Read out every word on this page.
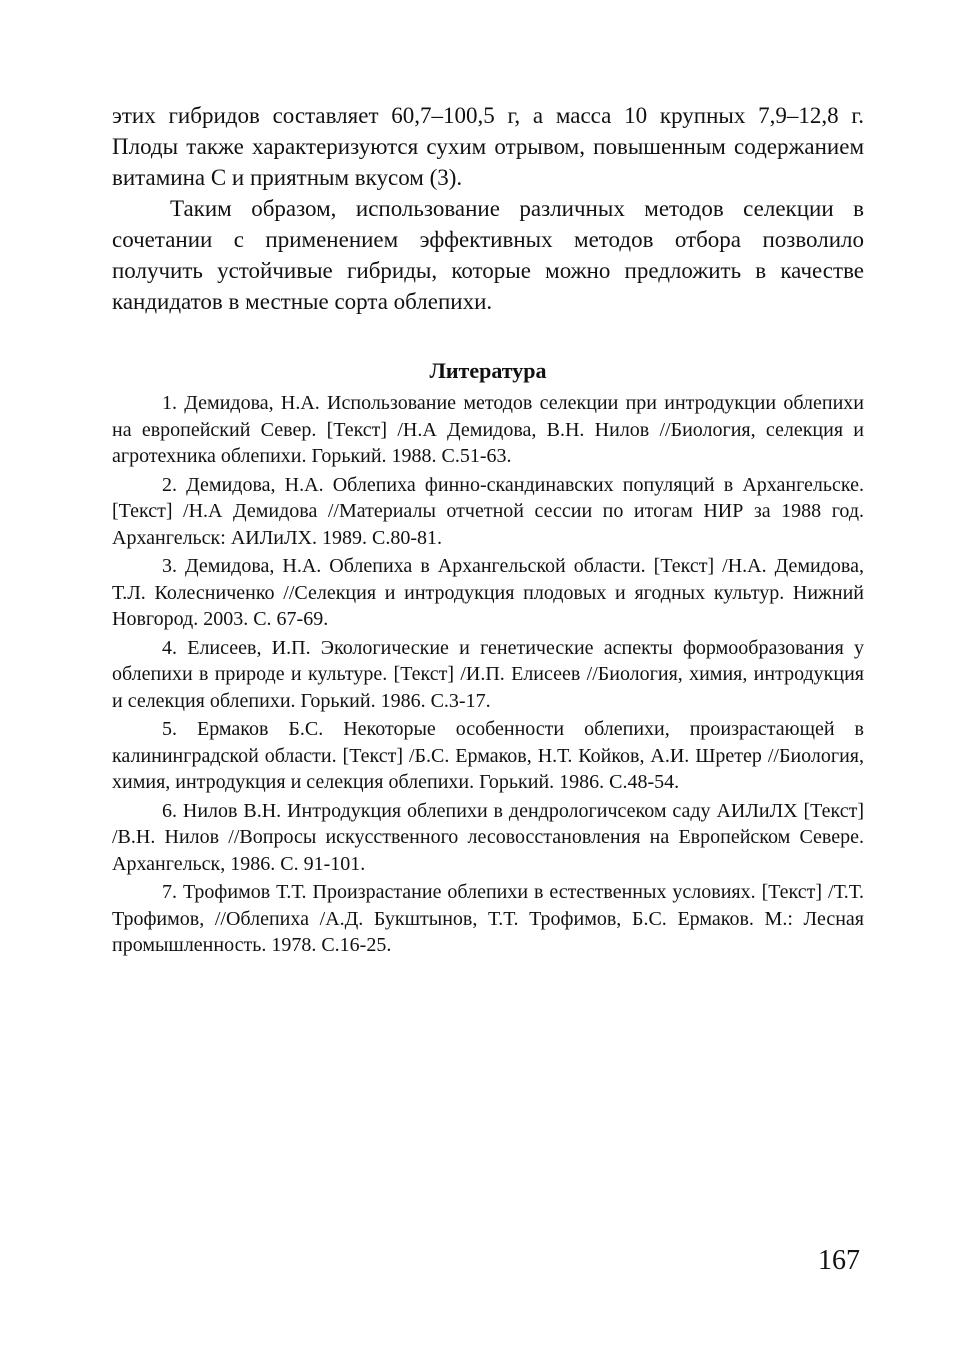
этих гибридов составляет 60,7–100,5 г, а масса 10 крупных 7,9–12,8 г. Плоды также характеризуются сухим отрывом, повышенным содержанием витамина С и приятным вкусом (3).

Таким образом, использование различных методов селекции в сочетании с применением эффективных методов отбора позволило получить устойчивые гибриды, которые можно предложить в качестве кандидатов в местные сорта облепихи.

Литература
1. Демидова, Н.А. Использование методов селекции при интродукции облепихи на европейский Север. [Текст] /Н.А Демидова, В.Н. Нилов //Биология, селекция и агротехника облепихи. Горький. 1988. С.51-63.
2. Демидова, Н.А. Облепиха финно-скандинавских популяций в Архангельске. [Текст] /Н.А Демидова //Материалы отчетной сессии по итогам НИР за 1988 год. Архангельск: АИЛиЛХ. 1989. С.80-81.
3. Демидова, Н.А. Облепиха в Архангельской области. [Текст] /Н.А. Демидова, Т.Л. Колесниченко //Селекция и интродукция плодовых и ягодных культур. Нижний Новгород. 2003. С. 67-69.
4. Елисеев, И.П. Экологические и генетические аспекты формообразования у облепихи в природе и культуре. [Текст] /И.П. Елисеев //Биология, химия, интродукция и селекция облепихи. Горький. 1986. С.3-17.
5. Ермаков Б.С. Некоторые особенности облепихи, произрастающей в калининградской области. [Текст] /Б.С. Ермаков, Н.Т. Койков, А.И. Шретер //Биология, химия, интродукция и селекция облепихи. Горький. 1986. С.48-54.
6. Нилов В.Н. Интродукция облепихи в дендрологичсеком саду АИЛиЛХ [Текст] /В.Н. Нилов //Вопросы искусственного лесовосстановления на Европейском Севере. Архангельск, 1986. С. 91-101.
7. Трофимов Т.Т. Произрастание облепихи в естественных условиях. [Текст] /Т.Т. Трофимов, //Облепиха /А.Д. Букштынов, Т.Т. Трофимов, Б.С. Ермаков. М.: Лесная промышленность. 1978. С.16-25.
167
